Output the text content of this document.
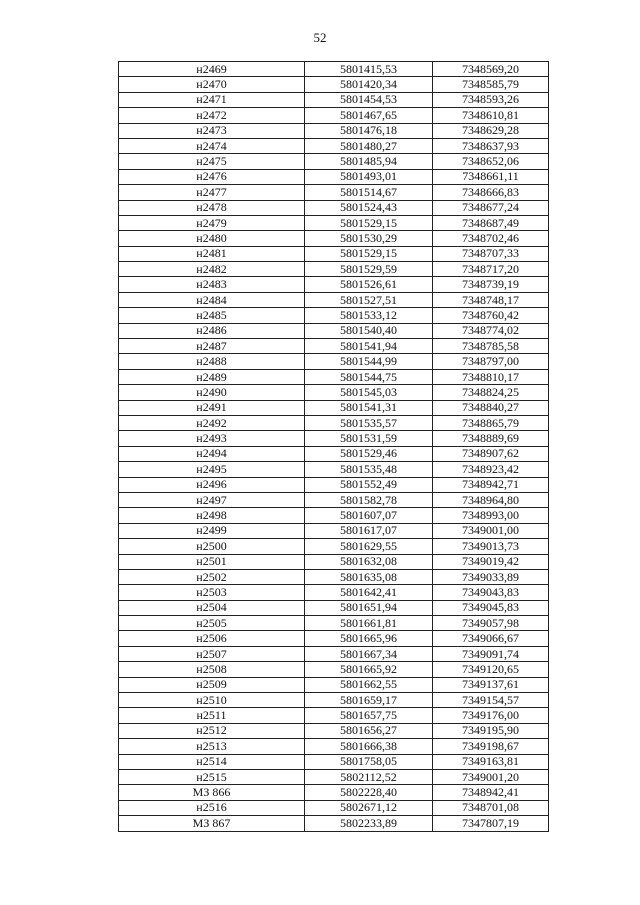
52
н2469	5801415,53	7348569,20
н2470	5801420,34	7348585,79
н2471	5801454,53	7348593,26
н2472	5801467,65	7348610,81
н2473	5801476,18	7348629,28
н2474	5801480,27	7348637,93
н2475	5801485,94	7348652,06
н2476	5801493,01	7348661,11
н2477	5801514,67	7348666,83
н2478	5801524,43	7348677,24
н2479	5801529,15	7348687,49
н2480	5801530,29	7348702,46
н2481	5801529,15	7348707,33
н2482	5801529,59	7348717,20
н2483	5801526,61	7348739,19
н2484	5801527,51	7348748,17
н2485	5801533,12	7348760,42
н2486	5801540,40	7348774,02
н2487	5801541,94	7348785,58
н2488	5801544,99	7348797,00
н2489	5801544,75	7348810,17
н2490	5801545,03	7348824,25
н2491	5801541,31	7348840,27
н2492	5801535,57	7348865,79
н2493	5801531,59	7348889,69
н2494	5801529,46	7348907,62
н2495	5801535,48	7348923,42
н2496	5801552,49	7348942,71
н2497	5801582,78	7348964,80
н2498	5801607,07	7348993,00
н2499	5801617,07	7349001,00
н2500	5801629,55	7349013,73
н2501	5801632,08	7349019,42
н2502	5801635,08	7349033,89
н2503	5801642,41	7349043,83
н2504	5801651,94	7349045,83
н2505	5801661,81	7349057,98
н2506	5801665,96	7349066,67
н2507	5801667,34	7349091,74
н2508	5801665,92	7349120,65
н2509	5801662,55	7349137,61
н2510	5801659,17	7349154,57
н2511	5801657,75	7349176,00
н2512	5801656,27	7349195,90
н2513	5801666,38	7349198,67
н2514	5801758,05	7349163,81
н2515	5802112,52	7349001,20
МЗ 866	5802228,40	7348942,41
н2516	5802671,12	7348701,08
МЗ 867	5802233,89	7347807,19
